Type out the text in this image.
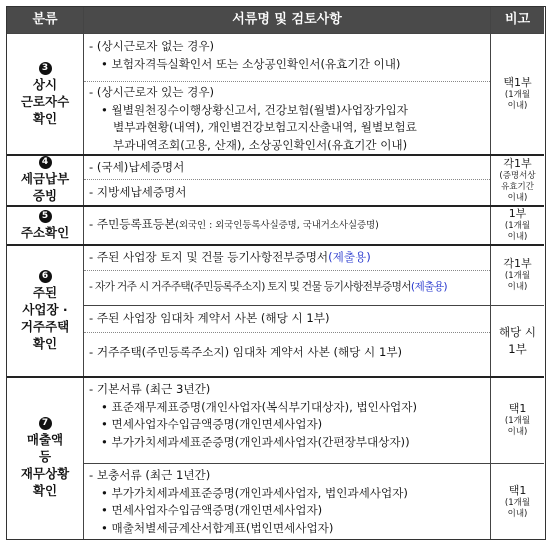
분류	서류명 및 검토사항	비고
3
상시
근로자수
확인

- (상시근로자 없는 경우)

• 보험자격득실확인서 또는 소상공인확인서(유효기간 이내)

- (상시근로자 있는 경우)

• 월별원천징수이행상황신고서, 건강보험(월별)사업장가입자

별부과현황(내역), 개인별건강보험고지산출내역, 월별보험료

부과내역조회(고용, 산재), 소상공인확인서(유효기간 이내)

택1부
(1개월
이내)
4
세금납부
증빙

- (국세)납세증명서

- 지방세납세증명서

각1부
(증명서상
유효기간
이내)
5
주소확인

- 주민등록표등본(외국인 : 외국인등록사실증명, 국내거소사실증명)

1부
(1개월
이내)
6
주된
사업장 ·
거주주택
확인

- 주된 사업장 토지 및 건물 등기사항전부증명서(제출용)

- 자가 거주 시 거주주택(주민등록주소지) 토지 및 건물 등기사항전부증명서(제출용)

각1부
(1개월
이내)

- 주된 사업장 임대차 계약서 사본 (해당 시 1부)

- 거주주택(주민등록주소지) 임대차 계약서 사본 (해당 시 1부)

해당 시
1부
7
매출액
등
재무상황
확인

- 기본서류 (최근 3년간)

• 표준재무제표증명(개인사업자(복식부기대상자), 법인사업자)

• 면세사업자수입금액증명(개인면세사업자)

• 부가가치세과세표준증명(개인과세사업자(간편장부대상자))

택1
(1개월
이내)

- 보충서류 (최근 1년간)

• 부가가치세과세표준증명(개인과세사업자, 법인과세사업자)

• 면세사업자수입금액증명(개인면세사업자)

• 매출처별세금계산서합계표(법인면세사업자)

택1
(1개월
이내)
